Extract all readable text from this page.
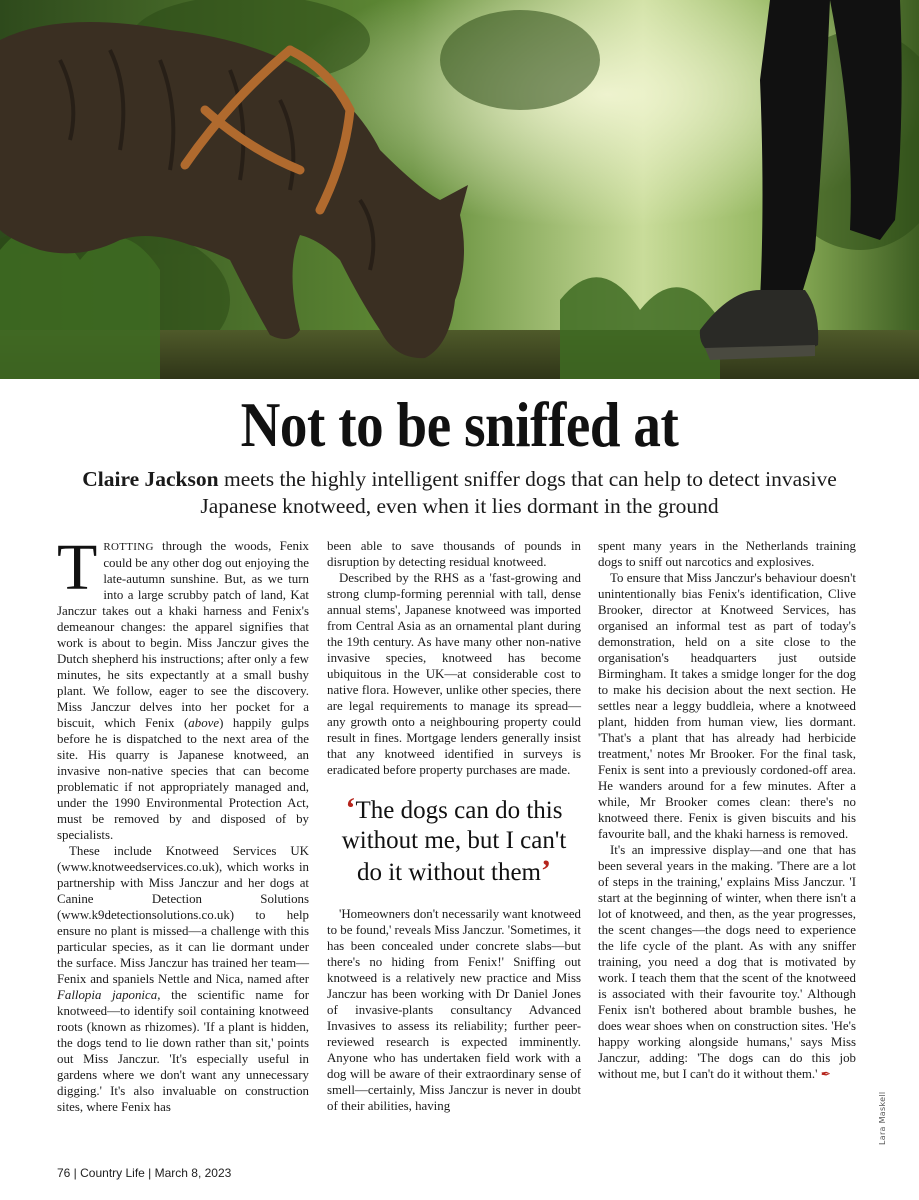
Lara Maskell
Not to be sniffed at
Claire Jackson meets the highly intelligent sniffer dogs that can help to detect invasive Japanese knotweed, even when it lies dormant in the ground

TROTTING through the woods, Fenix could be any other dog out enjoying the late-autumn sunshine. But, as we turn into a large scrubby patch of land, Kat Janczur takes out a khaki harness and Fenix's demeanour changes: the apparel signifies that work is about to begin. Miss Janczur gives the Dutch shepherd his instructions; after only a few minutes, he sits expectantly at a small bushy plant. We follow, eager to see the discovery. Miss Janczur delves into her pocket for a biscuit, which Fenix (above) happily gulps before he is dispatched to the next area of the site. His quarry is Japanese knotweed, an invasive non-native species that can become problematic if not appropriately managed and, under the 1990 Environmental Protection Act, must be removed by and disposed of by specialists.

These include Knotweed Services UK (www.knotweedservices.co.uk), which works in partnership with Miss Janczur and her dogs at Canine Detection Solutions (www.k9detectionsolutions.co.uk) to help ensure no plant is missed—a challenge with this particular species, as it can lie dormant under the surface. Miss Janczur has trained her team—Fenix and spaniels Nettle and Nica, named after Fallopia japonica, the scientific name for knotweed—to identify soil containing knotweed roots (known as rhizomes). 'If a plant is hidden, the dogs tend to lie down rather than sit,' points out Miss Janczur. 'It's especially useful in gardens where we don't want any unnecessary digging.' It's also invaluable on construction sites, where Fenix has

been able to save thousands of pounds in disruption by detecting residual knotweed.

Described by the RHS as a 'fast-growing and strong clump-forming perennial with tall, dense annual stems', Japanese knotweed was imported from Central Asia as an ornamental plant during the 19th century. As have many other non-native invasive species, knotweed has become ubiquitous in the UK—at considerable cost to native flora. However, unlike other species, there are legal requirements to manage its spread—any growth onto a neighbouring property could result in fines. Mortgage lenders generally insist that any knotweed identified in surveys is eradicated before property purchases are made.

‘The dogs can do this without me, but I can't do it without them’

'Homeowners don't necessarily want knotweed to be found,' reveals Miss Janczur. 'Sometimes, it has been concealed under concrete slabs—but there's no hiding from Fenix!' Sniffing out knotweed is a relatively new practice and Miss Janczur has been working with Dr Daniel Jones of invasive-plants consultancy Advanced Invasives to assess its reliability; further peer-reviewed research is expected imminently. Anyone who has undertaken field work with a dog will be aware of their extraordinary sense of smell—certainly, Miss Janczur is never in doubt of their abilities, having

spent many years in the Netherlands training dogs to sniff out narcotics and explosives.

To ensure that Miss Janczur's behaviour doesn't unintentionally bias Fenix's identification, Clive Brooker, director at Knotweed Services, has organised an informal test as part of today's demonstration, held on a site close to the organisation's headquarters just outside Birmingham. It takes a smidge longer for the dog to make his decision about the next section. He settles near a leggy buddleia, where a knotweed plant, hidden from human view, lies dormant. 'That's a plant that has already had herbicide treatment,' notes Mr Brooker. For the final task, Fenix is sent into a previously cordoned-off area. He wanders around for a few minutes. After a while, Mr Brooker comes clean: there's no knotweed there. Fenix is given biscuits and his favourite ball, and the khaki harness is removed.

It's an impressive display—and one that has been several years in the making. 'There are a lot of steps in the training,' explains Miss Janczur. 'I start at the beginning of winter, when there isn't a lot of knotweed, and then, as the year progresses, the scent changes—the dogs need to experience the life cycle of the plant. As with any sniffer training, you need a dog that is motivated by work. I teach them that the scent of the knotweed is associated with their favourite toy.' Although Fenix isn't bothered about bramble bushes, he does wear shoes when on construction sites. 'He's happy working alongside humans,' says Miss Janczur, adding: 'The dogs can do this job without me, but I can't do it without them.' ✒

76 | Country Life | March 8, 2023
